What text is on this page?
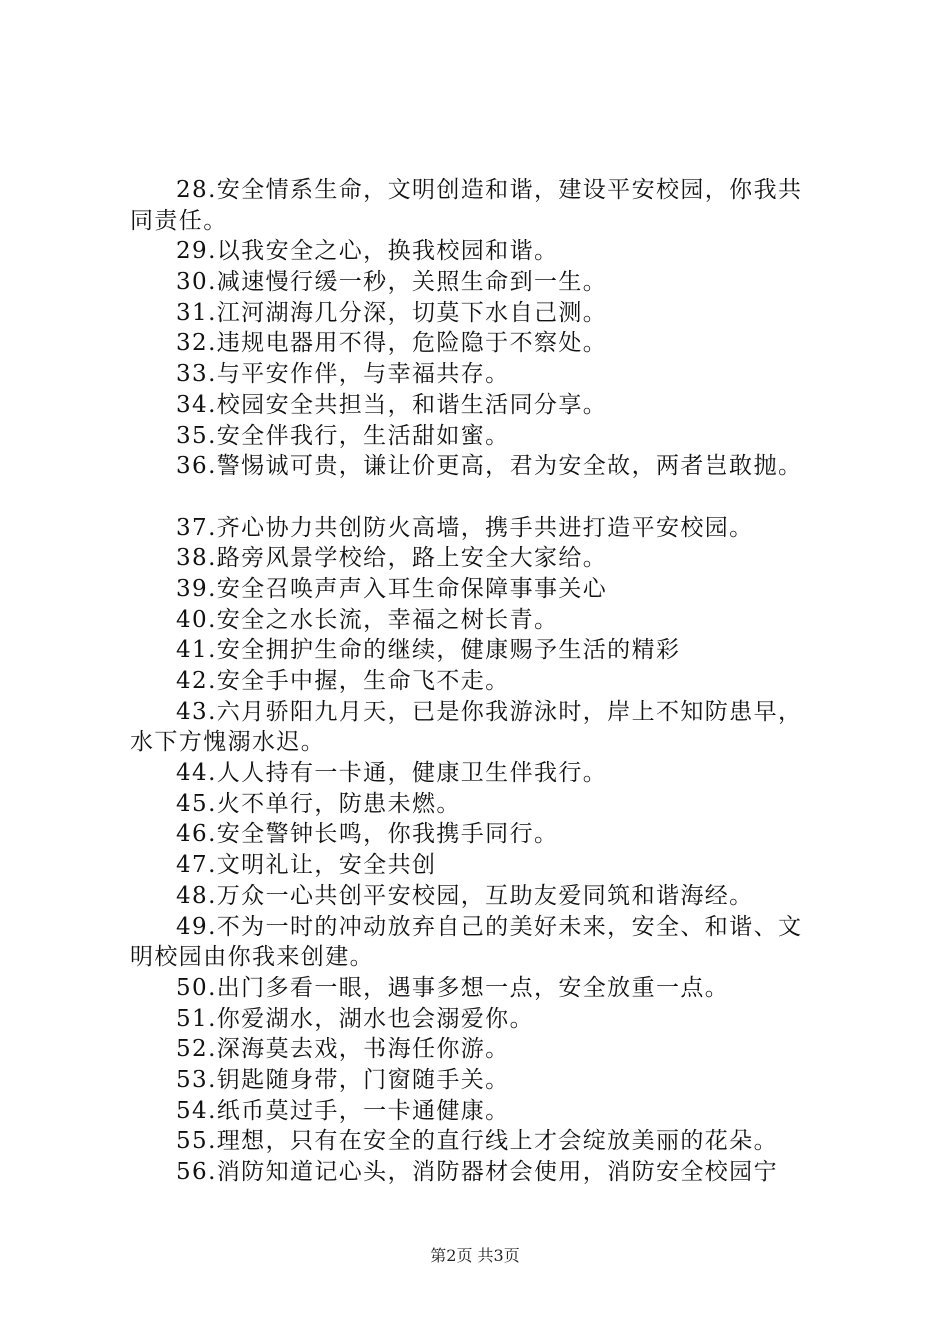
28.安全情系生命，文明创造和谐，建设平安校园，你我共
同责任。
29.以我安全之心，换我校园和谐。
30.减速慢行缓一秒，关照生命到一生。
31.江河湖海几分深，切莫下水自己测。
32.违规电器用不得，危险隐于不察处。
33.与平安作伴，与幸福共存。
34.校园安全共担当，和谐生活同分享。
35.安全伴我行，生活甜如蜜。
36.警惕诚可贵，谦让价更高，君为安全故，两者岂敢抛。
37.齐心协力共创防火高墙，携手共进打造平安校园。
38.路旁风景学校给，路上安全大家给。
39.安全召唤声声入耳生命保障事事关心
40.安全之水长流，幸福之树长青。
41.安全拥护生命的继续，健康赐予生活的精彩
42.安全手中握，生命飞不走。
43.六月骄阳九月天，已是你我游泳时，岸上不知防患早，
水下方愧溺水迟。
44.人人持有一卡通，健康卫生伴我行。
45.火不单行，防患未燃。
46.安全警钟长鸣，你我携手同行。
47.文明礼让，安全共创
48.万众一心共创平安校园，互助友爱同筑和谐海经。
49.不为一时的冲动放弃自己的美好未来，安全、和谐、文
明校园由你我来创建。
50.出门多看一眼，遇事多想一点，安全放重一点。
51.你爱湖水，湖水也会溺爱你。
52.深海莫去戏，书海任你游。
53.钥匙随身带，门窗随手关。
54.纸币莫过手，一卡通健康。
55.理想，只有在安全的直行线上才会绽放美丽的花朵。
56.消防知道记心头，消防器材会使用，消防安全校园宁
第2页 共3页
